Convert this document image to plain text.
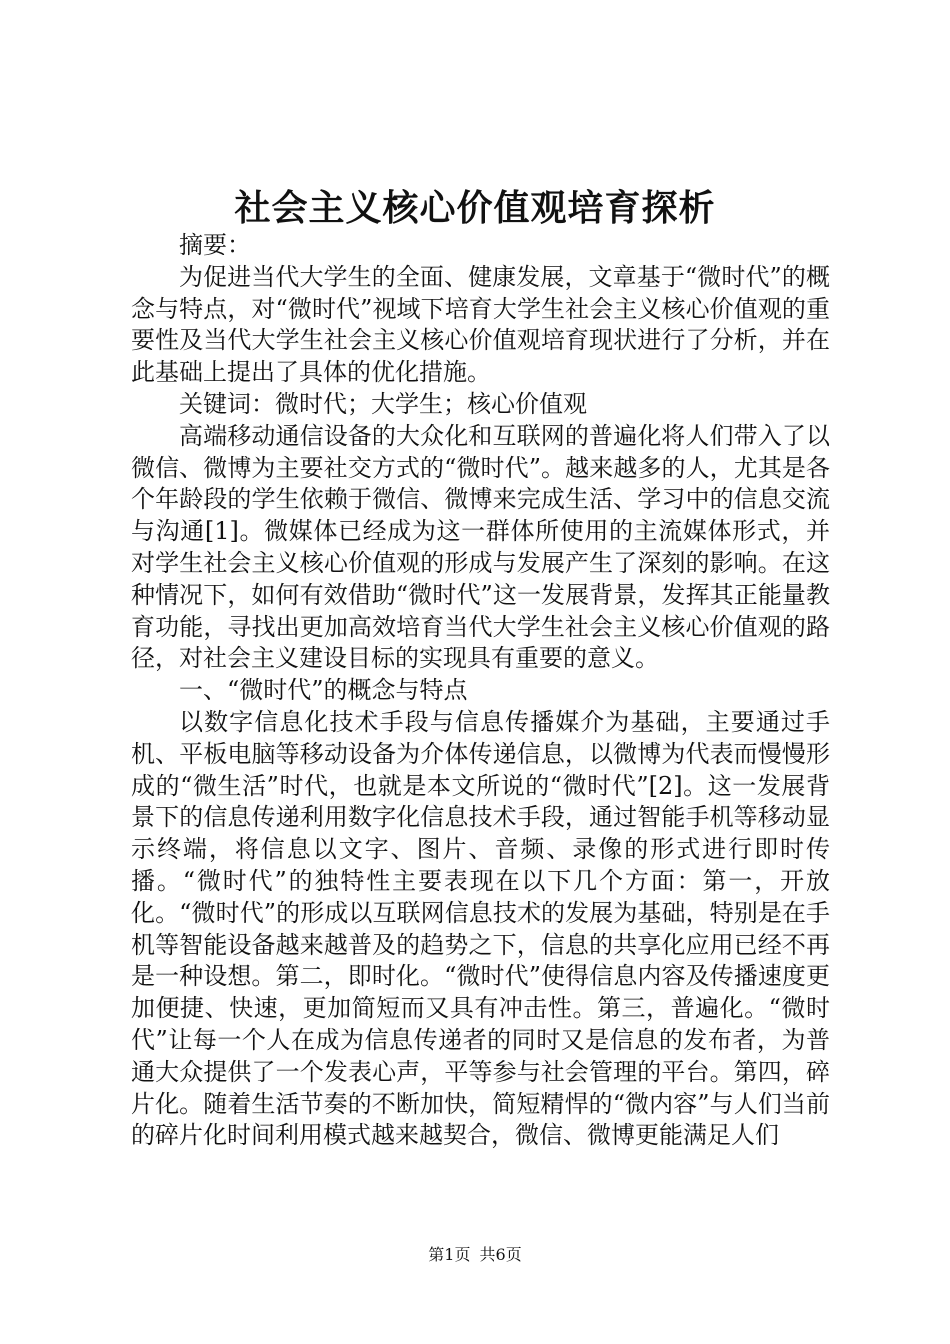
社会主义核心价值观培育探析

摘要：

为促进当代大学生的全面、健康发展，文章基于“微时代”的概念与特点，对“微时代”视域下培育大学生社会主义核心价值观的重要性及当代大学生社会主义核心价值观培育现状进行了分析，并在此基础上提出了具体的优化措施。

关键词：微时代；大学生；核心价值观

高端移动通信设备的大众化和互联网的普遍化将人们带入了以微信、微博为主要社交方式的“微时代”。越来越多的人，尤其是各个年龄段的学生依赖于微信、微博来完成生活、学习中的信息交流与沟通[1]。微媒体已经成为这一群体所使用的主流媒体形式，并对学生社会主义核心价值观的形成与发展产生了深刻的影响。在这种情况下，如何有效借助“微时代”这一发展背景，发挥其正能量教育功能，寻找出更加高效培育当代大学生社会主义核心价值观的路径，对社会主义建设目标的实现具有重要的意义。

一、“微时代”的概念与特点

以数字信息化技术手段与信息传播媒介为基础，主要通过手机、平板电脑等移动设备为介体传递信息，以微博为代表而慢慢形成的“微生活”时代，也就是本文所说的“微时代”[2]。这一发展背景下的信息传递利用数字化信息技术手段，通过智能手机等移动显示终端，将信息以文字、图片、音频、录像的形式进行即时传播。“微时代”的独特性主要表现在以下几个方面：第一，开放化。“微时代”的形成以互联网信息技术的发展为基础，特别是在手机等智能设备越来越普及的趋势之下，信息的共享化应用已经不再是一种设想。第二，即时化。“微时代”使得信息内容及传播速度更加便捷、快速，更加简短而又具有冲击性。第三，普遍化。“微时代”让每一个人在成为信息传递者的同时又是信息的发布者，为普通大众提供了一个发表心声，平等参与社会管理的平台。第四，碎片化。随着生活节奏的不断加快，简短精悍的“微内容”与人们当前的碎片化时间利用模式越来越契合，微信、微博更能满足人们

第1页 共6页
